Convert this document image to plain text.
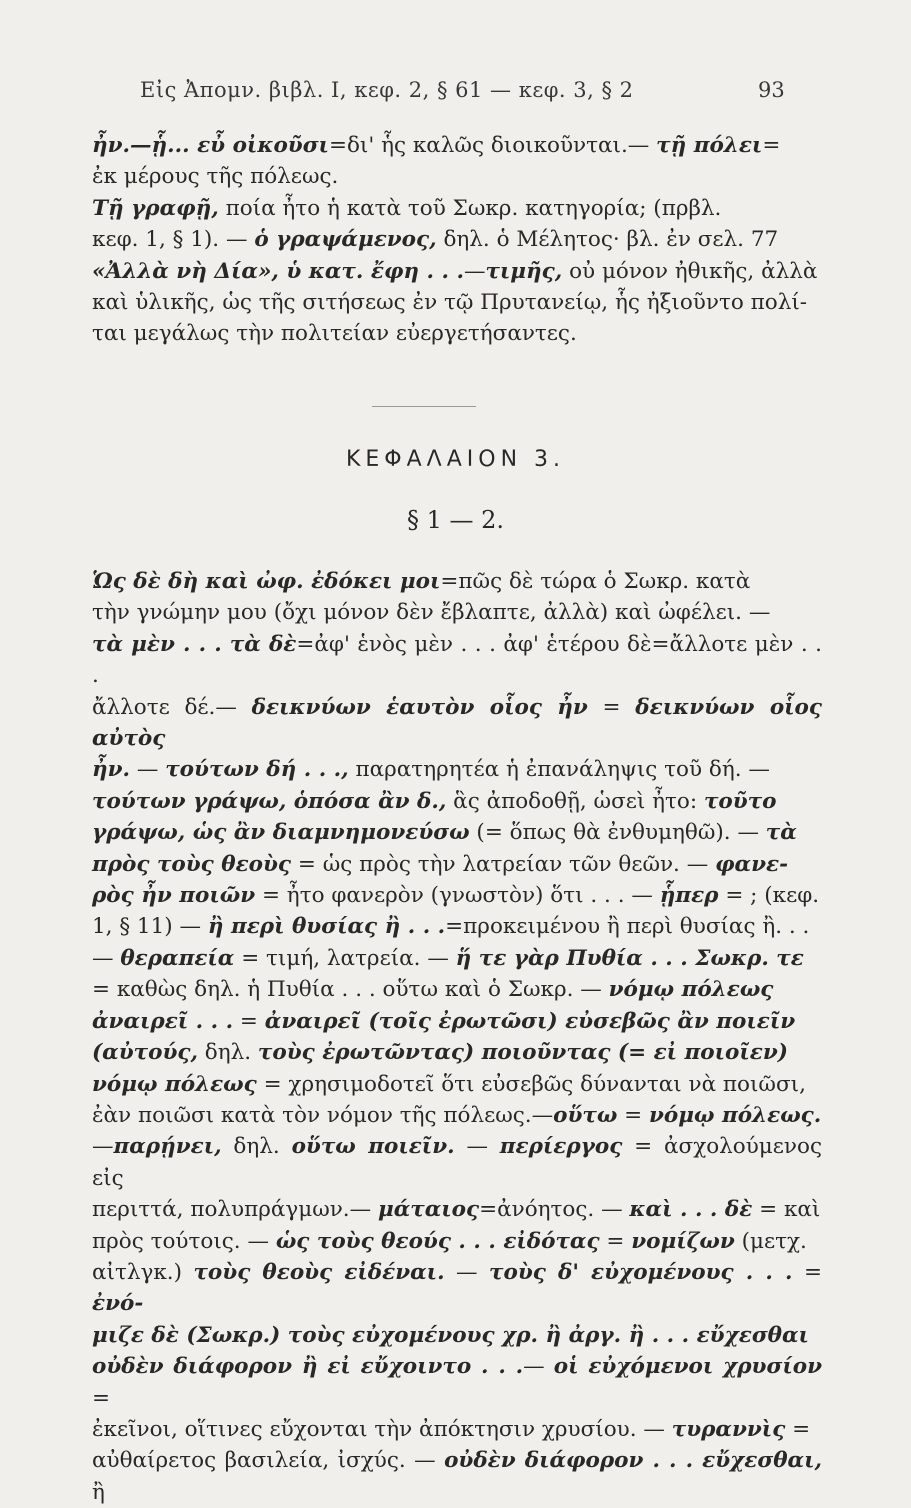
Εἰς Ἀπομν. βιβλ. Ι, κεφ. 2, § 61 — κεφ. 3, § 2	93

ἦν.—ᾗ... εὖ οἰκοῦσι=δι' ἧς καλῶς διοικοῦνται.— τῇ πόλει=

ἐκ μέρους τῆς πόλεως.

Τῇ γραφῇ, ποία ἦτο ἡ κατὰ τοῦ Σωκρ. κατηγορία; (πρβλ.

κεφ. 1, § 1). — ὁ γραψάμενος, δηλ. ὁ Μέλητος· βλ. ἐν σελ. 77

«Ἀλλὰ νὴ Δία», ὑ κατ. ἔφη . . .—τιμῆς, οὐ μόνον ἠθικῆς, ἀλλὰ

καὶ ὑλικῆς, ὡς τῆς σιτήσεως ἐν τῷ Πρυτανείῳ, ἧς ἠξιοῦντο πολί-

ται μεγάλως τὴν πολιτείαν εὐεργετήσαντες.

ΚΕΦΑΛΑΙΟΝ 3.
§ 1 — 2.

Ὡς δὲ δὴ καὶ ὠφ. ἐδόκει μοι=πῶς δὲ τώρα ὁ Σωκρ. κατὰ

τὴν γνώμην μου (ὄχι μόνον δὲν ἔβλαπτε, ἀλλὰ) καὶ ὠφέλει. —

τὰ μὲν . . . τὰ δὲ=ἀφ' ἑνὸς μὲν . . . ἀφ' ἑτέρου δὲ=ἄλλοτε μὲν . . .

ἄλλοτε δέ.— δεικνύων ἑαυτὸν οἷος ἦν = δεικνύων οἷος αὐτὸς

ἦν. — τούτων δή . . ., παρατηρητέα ἡ ἐπανάληψις τοῦ δή. —

τούτων γράψω, ὁπόσα ἂν δ., ἃς ἀποδοθῇ, ὡσεὶ ἦτο: τοῦτο

γράψω, ὡς ἂν διαμνημονεύσω (= ὅπως θὰ ἐνθυμηθῶ). — τὰ

πρὸς τοὺς θεοὺς = ὡς πρὸς τὴν λατρείαν τῶν θεῶν. — φανε-

ρὸς ἦν ποιῶν = ἦτο φανερὸν (γνωστὸν) ὅτι . . . — ᾗπερ = ; (κεφ.

1, § 11) — ἢ περὶ θυσίας ἢ . . .=προκειμένου ἢ περὶ θυσίας ἢ. . .

— θεραπεία = τιμή, λατρεία. — ἥ τε γὰρ Πυθία . . . Σωκρ. τε

= καθὼς δηλ. ἡ Πυθία . . . οὕτω καὶ ὁ Σωκρ. — νόμῳ πόλεως

ἀναιρεῖ . . . = ἀναιρεῖ (τοῖς ἐρωτῶσι) εὐσεβῶς ἂν ποιεῖν

(αὐτούς, δηλ. τοὺς ἐρωτῶντας) ποιοῦντας (= εἰ ποιοῖεν)

νόμῳ πόλεως = χρησιμοδοτεῖ ὅτι εὐσεβῶς δύνανται νὰ ποιῶσι,

ἐὰν ποιῶσι κατὰ τὸν νόμον τῆς πόλεως.—οὕτω = νόμῳ πόλεως.

—παρῄνει, δηλ. οὕτω ποιεῖν. — περίεργος = ἀσχολούμενος εἰς

περιττά, πολυπράγμων.— μάταιος=ἀνόητος. — καὶ . . . δὲ = καὶ

πρὸς τούτοις. — ὡς τοὺς θεούς . . . εἰδότας = νομίζων (μετχ.

αἰτλγκ.) τοὺς θεοὺς εἰδέναι. — τοὺς δ' εὐχομένους . . . = ἐνό-

μιζε δὲ (Σωκρ.) τοὺς εὐχομένους χρ. ἢ ἀργ. ἢ . . . εὔχεσθαι

οὐδὲν διάφορον ἢ εἰ εὔχοιντο . . .— οἱ εὐχόμενοι χρυσίον =

ἐκεῖνοι, οἵτινες εὔχονται τὴν ἀπόκτησιν χρυσίου. — τυραννὶς =

αὐθαίρετος βασιλεία, ἰσχύς. — οὐδὲν διάφορον . . . εὔχεσθαι, ἢ
